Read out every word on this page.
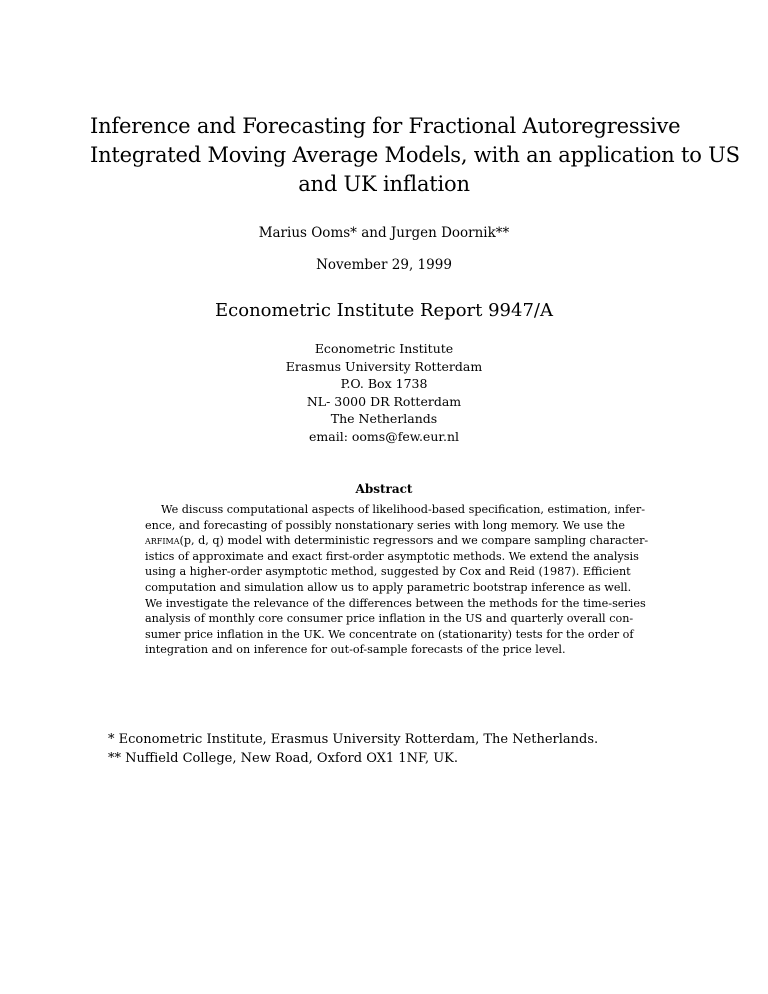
Inference and Forecasting for Fractional Autoregressive
Integrated Moving Average Models, with an application to US
and UK inflation
Marius Ooms* and Jurgen Doornik**
November 29, 1999
Econometric Institute Report 9947/A
Econometric Institute
Erasmus University Rotterdam
P.O. Box 1738
NL- 3000 DR Rotterdam
The Netherlands
email: ooms@few.eur.nl
Abstract
We discuss computational aspects of likelihood-based specification, estimation, infer-
ence, and forecasting of possibly nonstationary series with long memory. We use the
arfima(p, d, q) model with deterministic regressors and we compare sampling character-
istics of approximate and exact first-order asymptotic methods. We extend the analysis
using a higher-order asymptotic method, suggested by Cox and Reid (1987). Efficient
computation and simulation allow us to apply parametric bootstrap inference as well.
We investigate the relevance of the differences between the methods for the time-series
analysis of monthly core consumer price inflation in the US and quarterly overall con-
sumer price inflation in the UK. We concentrate on (stationarity) tests for the order of
integration and on inference for out-of-sample forecasts of the price level.
* Econometric Institute, Erasmus University Rotterdam, The Netherlands.
** Nuffield College, New Road, Oxford OX1 1NF, UK.
